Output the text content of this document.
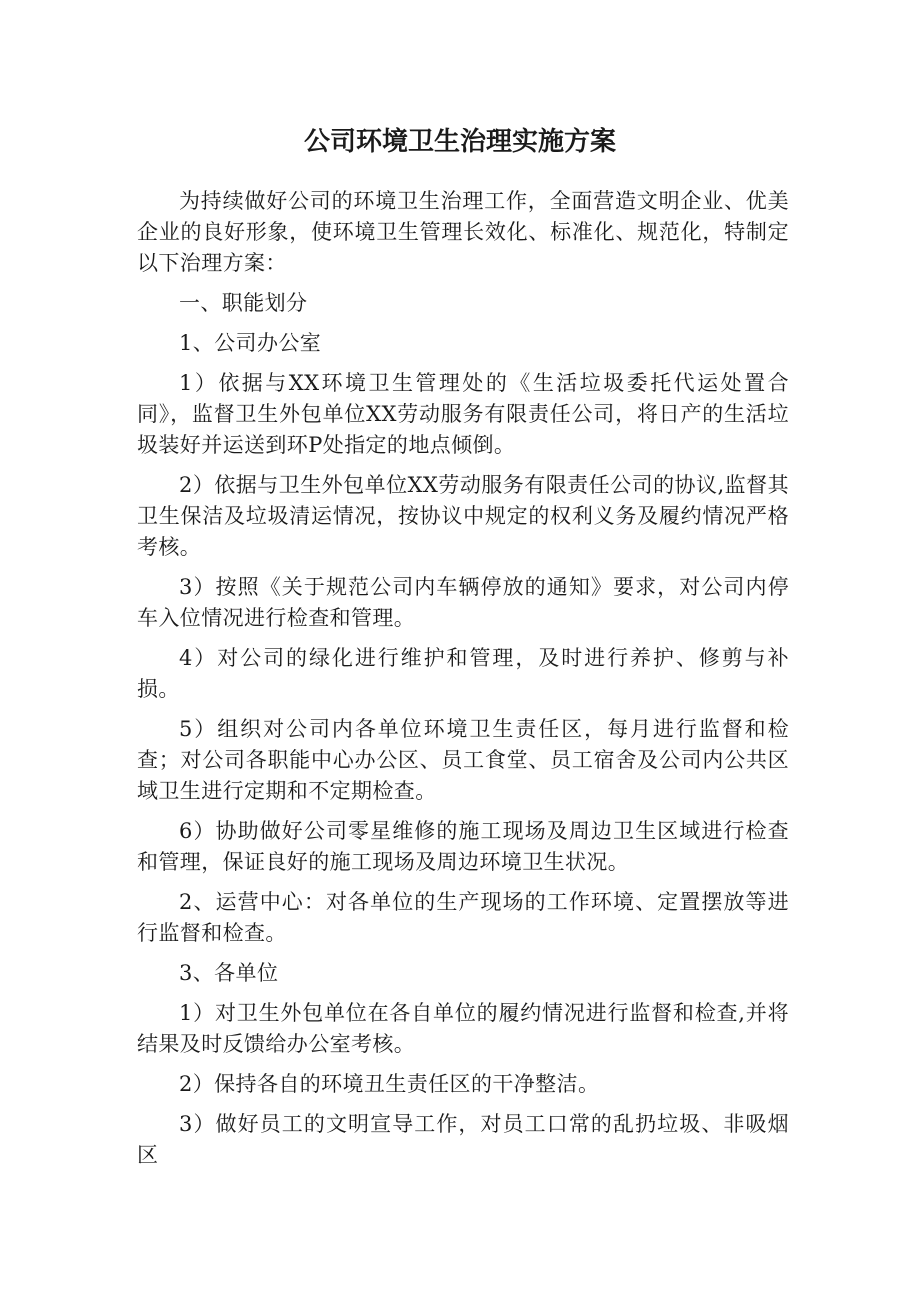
公司环境卫生治理实施方案

为持续做好公司的环境卫生治理工作，全面营造文明企业、优美企业的良好形象，使环境卫生管理长效化、标准化、规范化，特制定以下治理方案：

一、职能划分

1、公司办公室

1）依据与XX环境卫生管理处的《生活垃圾委托代运处置合同》，监督卫生外包单位XX劳动服务有限责任公司，将日产的生活垃圾装好并运送到环P处指定的地点倾倒。

2）依据与卫生外包单位XX劳动服务有限责任公司的协议,监督其卫生保洁及垃圾清运情况，按协议中规定的权利义务及履约情况严格考核。

3）按照《关于规范公司内车辆停放的通知》要求，对公司内停车入位情况进行检查和管理。

4）对公司的绿化进行维护和管理，及时进行养护、修剪与补损。

5）组织对公司内各单位环境卫生责任区，每月进行监督和检查；对公司各职能中心办公区、员工食堂、员工宿舍及公司内公共区域卫生进行定期和不定期检查。

6）协助做好公司零星维修的施工现场及周边卫生区域进行检查和管理，保证良好的施工现场及周边环境卫生状况。

2、运营中心：对各单位的生产现场的工作环境、定置摆放等进行监督和检查。

3、各单位

1）对卫生外包单位在各自单位的履约情况进行监督和检查,并将结果及时反馈给办公室考核。

2）保持各自的环境丑生责任区的干净整洁。

3）做好员工的文明宣导工作，对员工口常的乱扔垃圾、非吸烟区
